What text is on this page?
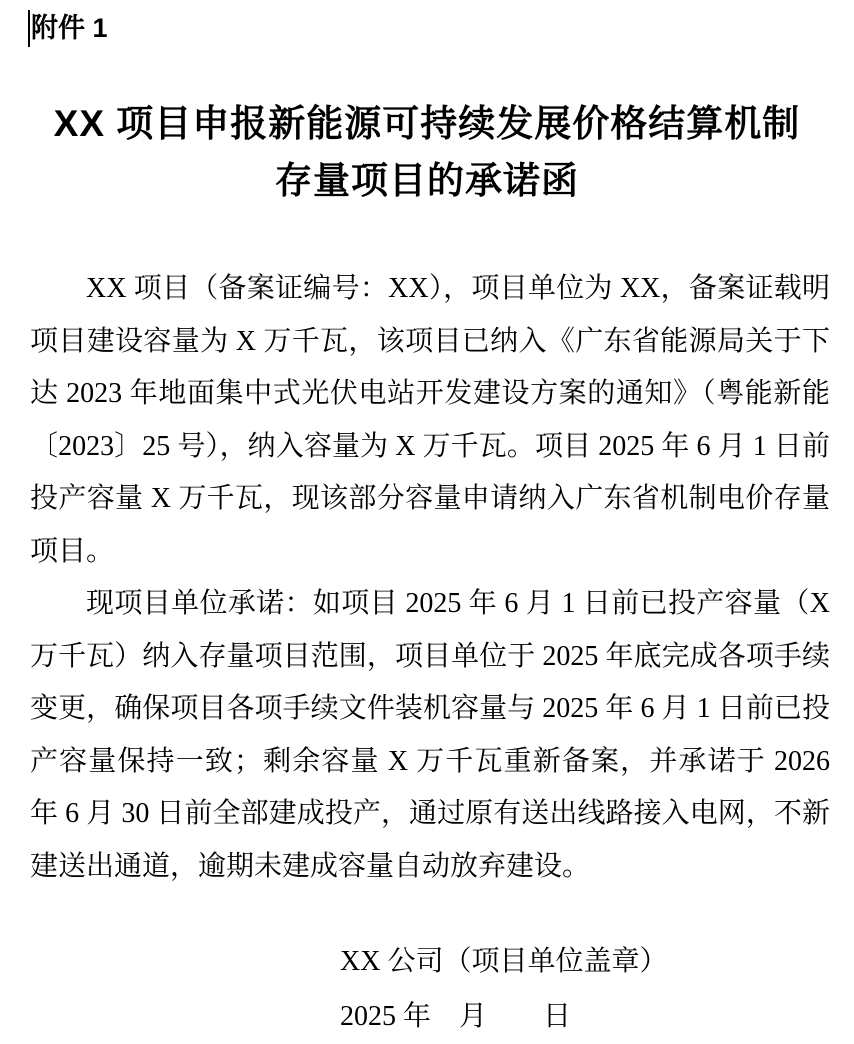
附件 1
XX 项目申报新能源可持续发展价格结算机制
存量项目的承诺函

XX 项目（备案证编号：XX），项目单位为 XX，备案证载明项目建设容量为 X 万千瓦，该项目已纳入《广东省能源局关于下达 2023 年地面集中式光伏电站开发建设方案的通知》（粤能新能〔2023〕25 号），纳入容量为 X 万千瓦。项目 2025 年 6 月 1 日前投产容量 X 万千瓦，现该部分容量申请纳入广东省机制电价存量项目。

现项目单位承诺：如项目 2025 年 6 月 1 日前已投产容量（X 万千瓦）纳入存量项目范围，项目单位于 2025 年底完成各项手续变更，确保项目各项手续文件装机容量与 2025 年 6 月 1 日前已投产容量保持一致；剩余容量 X 万千瓦重新备案，并承诺于 2026 年 6 月 30 日前全部建成投产，通过原有送出线路接入电网，不新建送出通道，逾期未建成容量自动放弃建设。

XX 公司（项目单位盖章）
2025 年　月　　日
